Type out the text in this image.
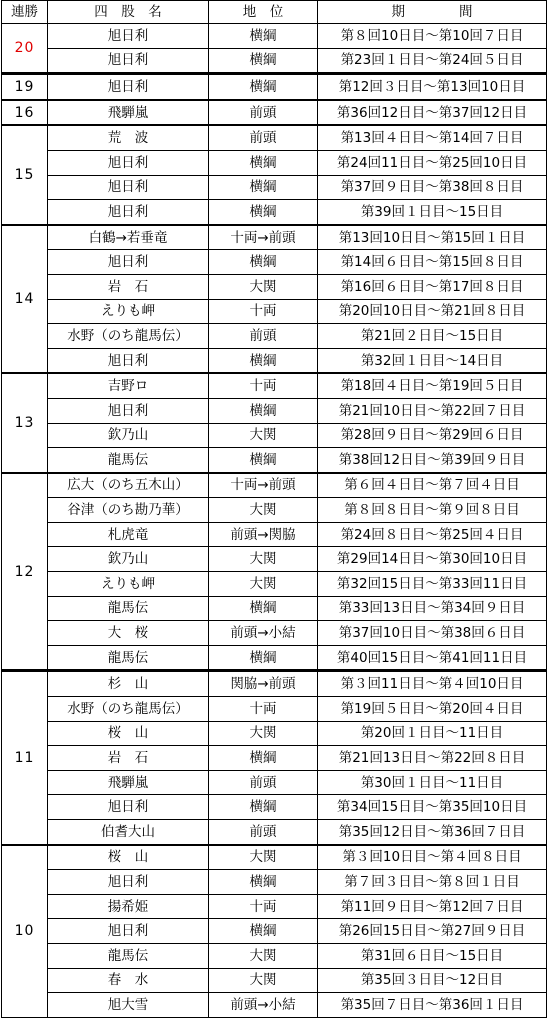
連勝	四　股　名	地　位	期　　　　間
20	旭日利	横綱	第８回10日目～第10回７日目
	旭日利	横綱	第23回１日目～第24回５日目
19	旭日利	横綱	第12回３日目～第13回10日目
16	飛騨嵐	前頭	第36回12日目～第37回12日目
15	荒　波	前頭	第13回４日目～第14回７日目
	旭日利	横綱	第24回11日目～第25回10日目
	旭日利	横綱	第37回９日目～第38回８日目
	旭日利	横綱	第39回１日目～15日目
14	白鶴→若垂竜	十両→前頭	第13回10日目～第15回１日目
	旭日利	横綱	第14回６日目～第15回８日目
	岩　石	大関	第16回６日目～第17回８日目
	えりも岬	十両	第20回10日目～第21回８日目
	水野（のち龍馬伝）	前頭	第21回２日目～15日目
	旭日利	横綱	第32回１日目～14日目
13	吉野ロ	十両	第18回４日目～第19回５日目
	旭日利	横綱	第21回10日目～第22回７日目
	欽乃山	大関	第28回９日目～第29回６日目
	龍馬伝	横綱	第38回12日目～第39回９日目
12	広大（のち五木山）	十両→前頭	第６回４日目～第７回４日目
	谷津（のち勘乃華）	大関	第８回８日目～第９回８日目
	札虎竜	前頭→関脇	第24回８日目～第25回４日目
	欽乃山	大関	第29回14日目～第30回10日目
	えりも岬	大関	第32回15日目～第33回11日目
	龍馬伝	横綱	第33回13日目～第34回９日目
	大　桜	前頭→小結	第37回10日目～第38回６日目
	龍馬伝	横綱	第40回15日目～第41回11日目
11	杉　山	関脇→前頭	第３回11日目～第４回10日目
	水野（のち龍馬伝）	十両	第19回５日目～第20回４日目
	桜　山	大関	第20回１日目～11日目
	岩　石	横綱	第21回13日目～第22回８日目
	飛騨嵐	前頭	第30回１日目～11日目
	旭日利	横綱	第34回15日目～第35回10日目
	伯耆大山	前頭	第35回12日目～第36回７日目
10	桜　山	大関	第３回10日目～第４回８日目
	旭日利	横綱	第７回３日目～第８回１日目
	揚希姫	十両	第11回９日目～第12回７日目
	旭日利	横綱	第26回15日目～第27回９日目
	龍馬伝	大関	第31回６日目～15日目
	春　水	大関	第35回３日目～12日目
	旭大雪	前頭→小結	第35回７日目～第36回１日目
